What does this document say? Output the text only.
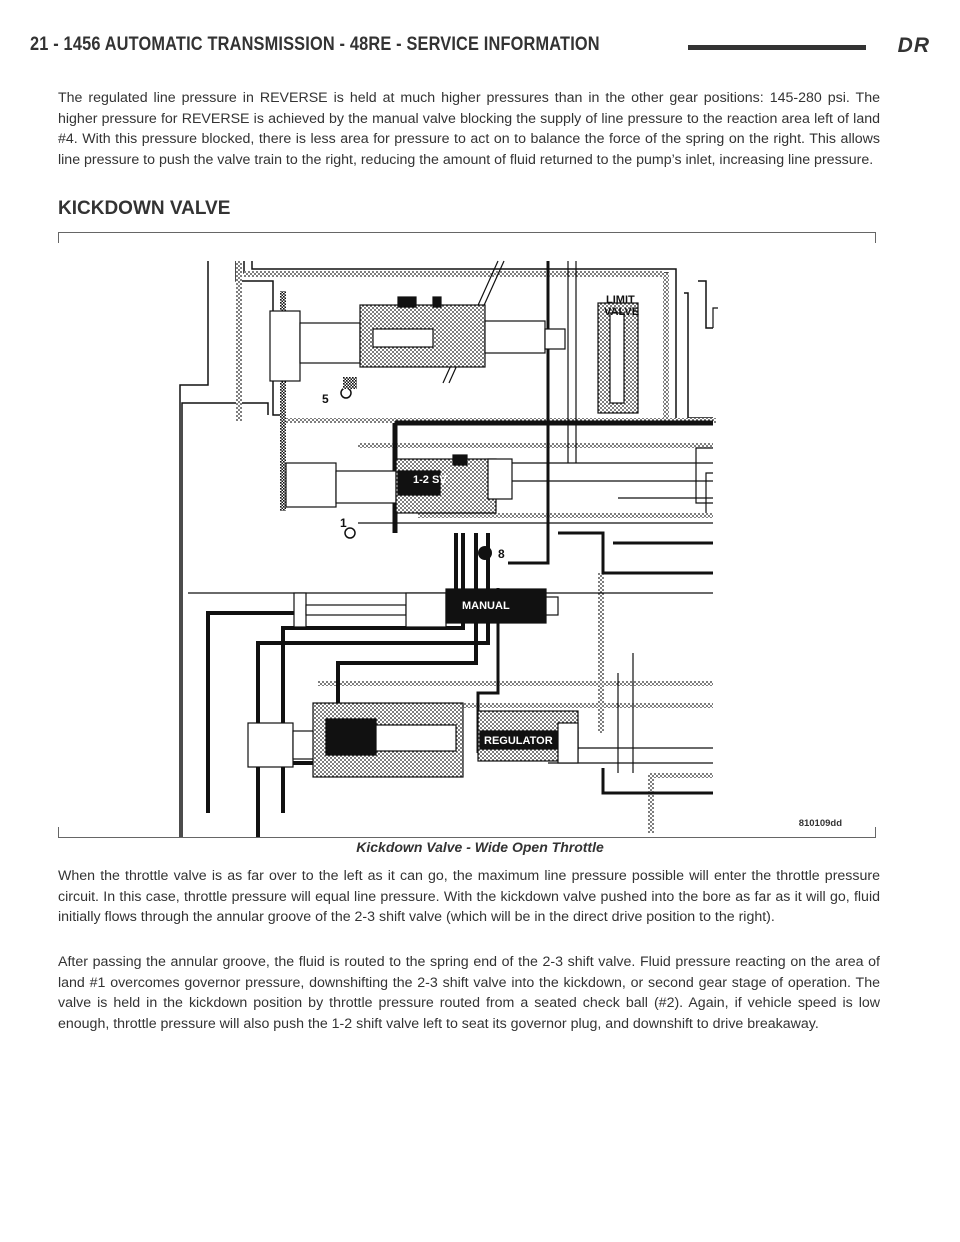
21 - 1456 AUTOMATIC TRANSMISSION - 48RE - SERVICE INFORMATION	DR

The regulated line pressure in REVERSE is held at much higher pressures than in the other gear positions: 145-280 psi. The higher pressure for REVERSE is achieved by the manual valve blocking the supply of line pressure to the reaction area left of land #4. With this pressure blocked, there is less area for pressure to act on to balance the force of the spring on the right. This allows line pressure to push the valve train to the right, reducing the amount of fluid returned to the pump’s inlet, increasing line pressure.

KICKDOWN VALVE
LIMIT
VALVE
2-3 SV
1-2 SV
MANUAL
REGULATOR
5
1
8
810109dd
Kickdown Valve - Wide Open Throttle

When the throttle valve is as far over to the left as it can go, the maximum line pressure possible will enter the throttle pressure circuit. In this case, throttle pressure will equal line pressure. With the kickdown valve pushed into the bore as far as it will go, fluid initially flows through the annular groove of the 2-3 shift valve (which will be in the direct drive position to the right).

After passing the annular groove, the fluid is routed to the spring end of the 2-3 shift valve. Fluid pressure reacting on the area of land #1 overcomes governor pressure, downshifting the 2-3 shift valve into the kickdown, or second gear stage of operation. The valve is held in the kickdown position by throttle pressure routed from a seated check ball (#2). Again, if vehicle speed is low enough, throttle pressure will also push the 1-2 shift valve left to seat its governor plug, and downshift to drive breakaway.
